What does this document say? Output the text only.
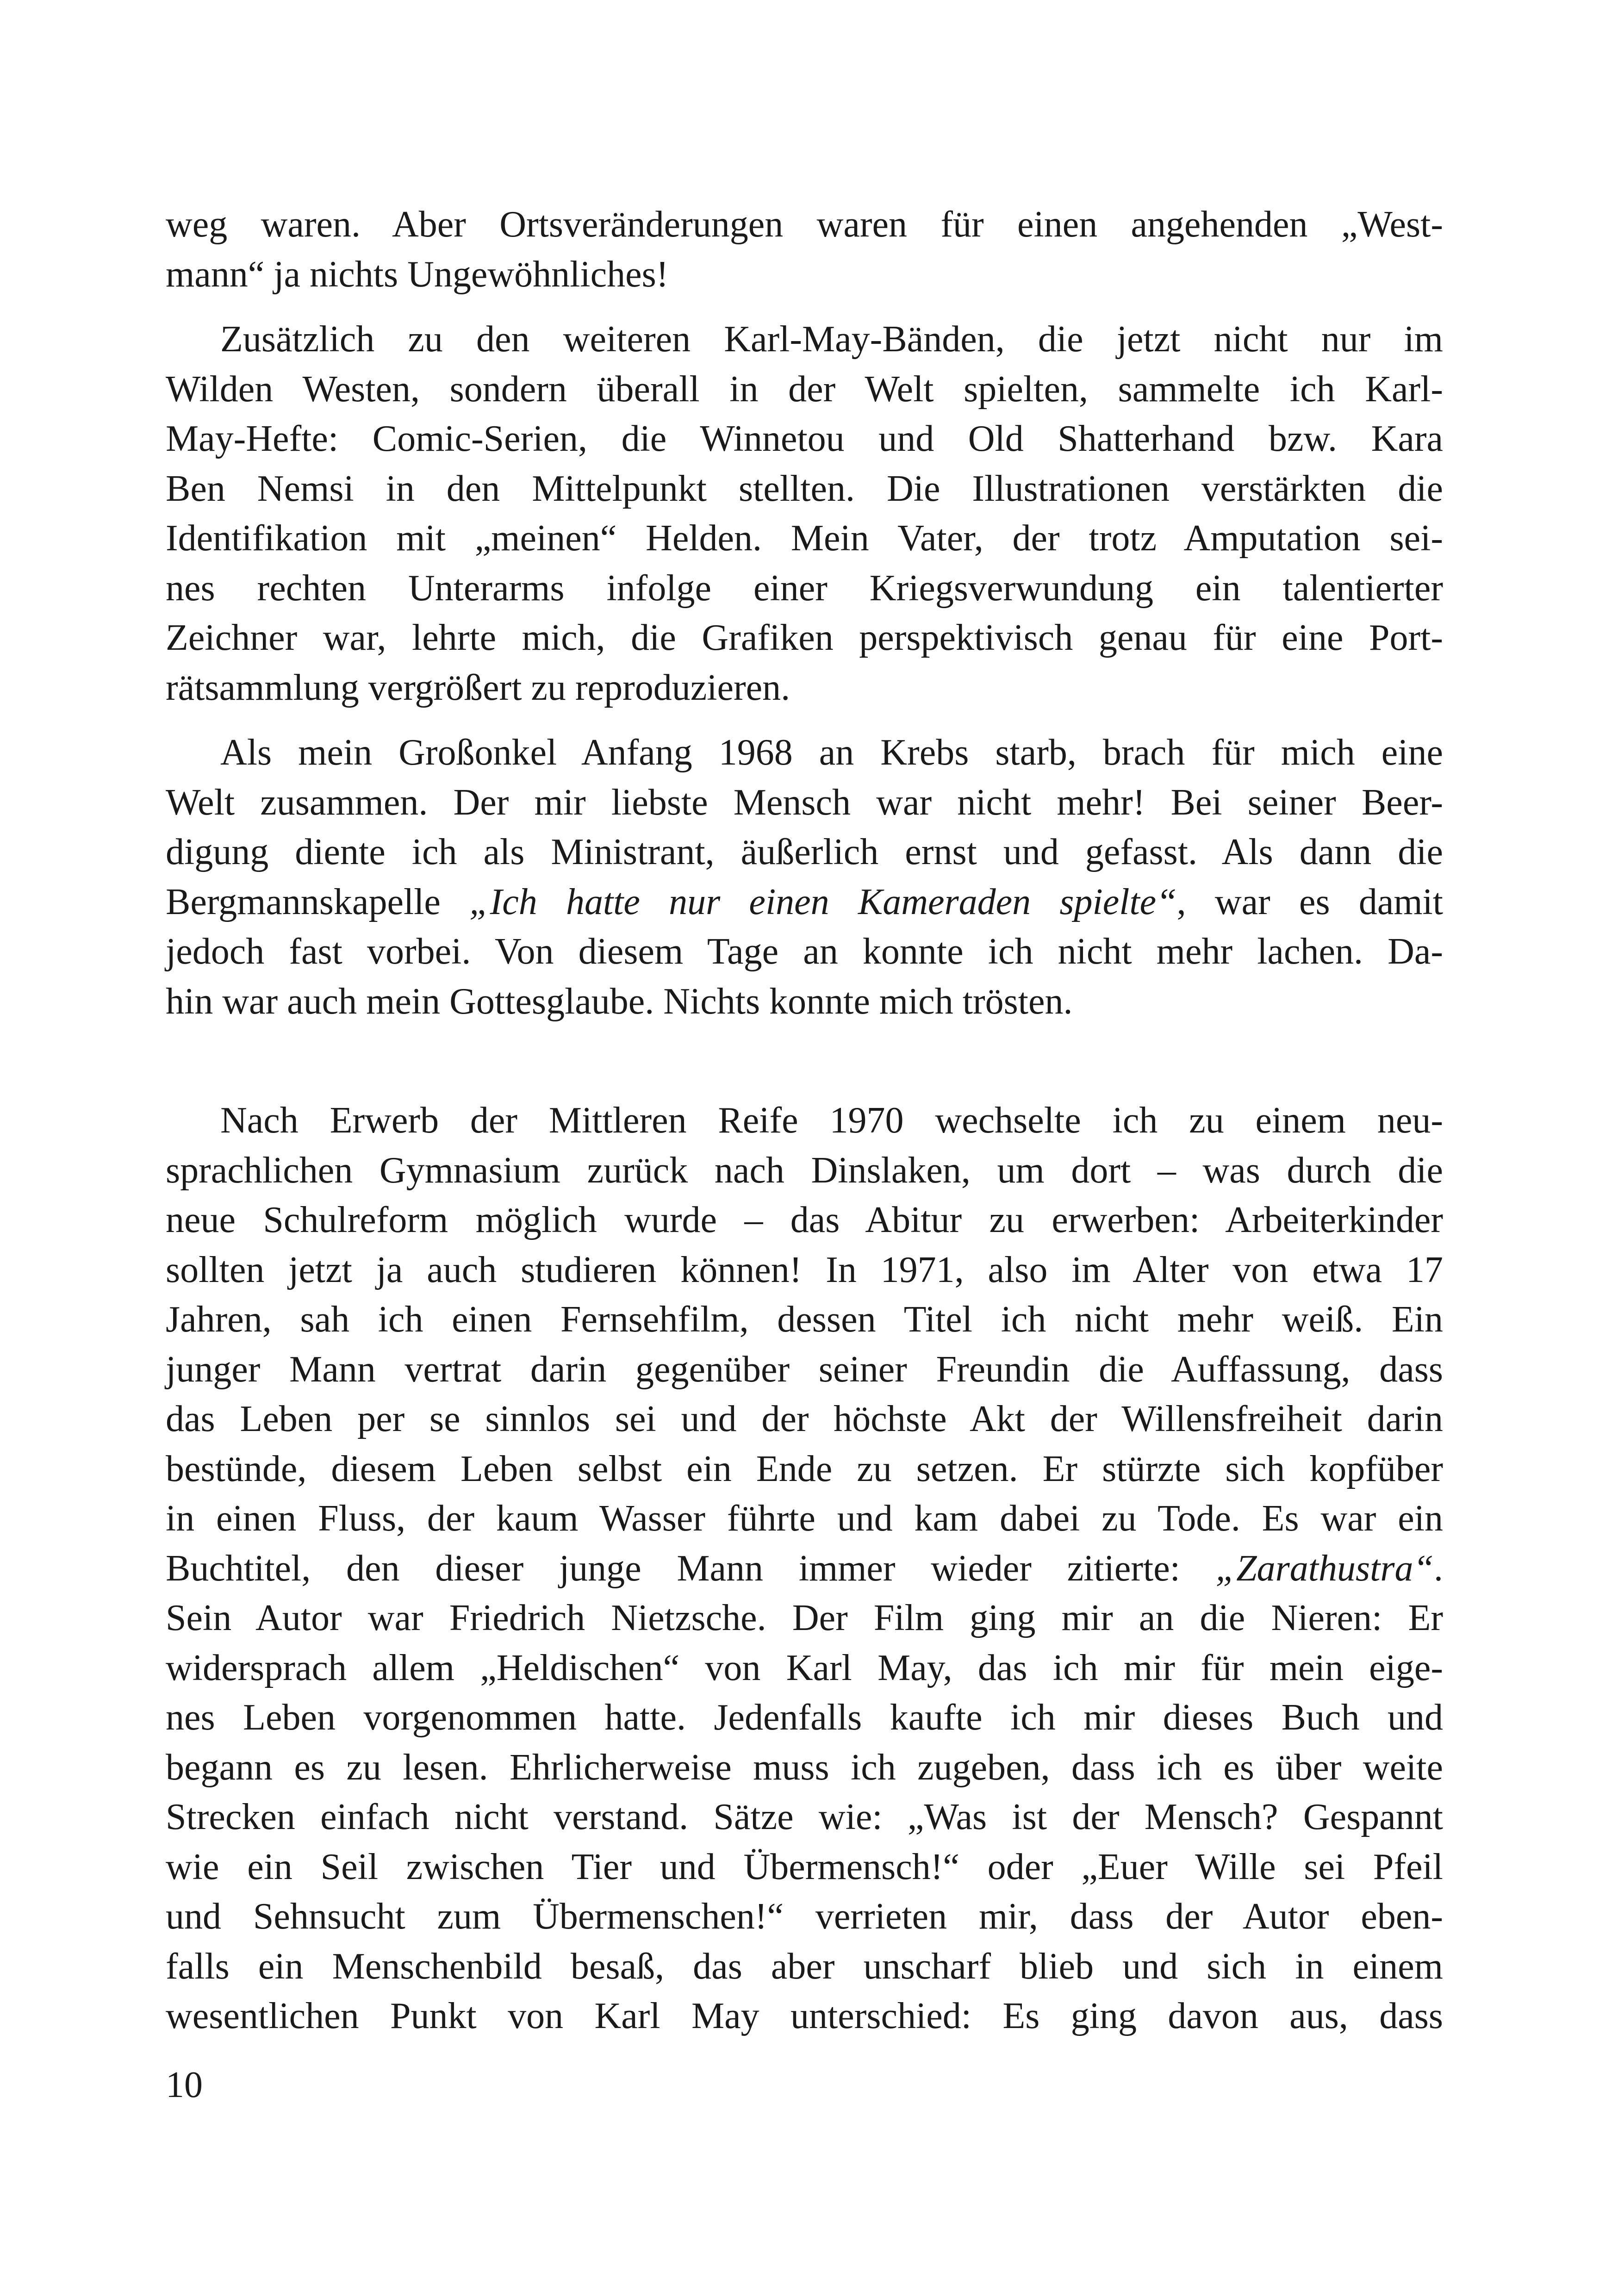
weg waren. Aber Ortsveränderungen waren für einen angehenden „West-
mann“ ja nichts Ungewöhnliches!
Zusätzlich zu den weiteren Karl-May-Bänden, die jetzt nicht nur im
Wilden Westen, sondern überall in der Welt spielten, sammelte ich Karl-
May-Hefte: Comic-Serien, die Winnetou und Old Shatterhand bzw. Kara
Ben Nemsi in den Mittelpunkt stellten. Die Illustrationen verstärkten die
Identifikation mit „meinen“ Helden. Mein Vater, der trotz Amputation sei-
nes rechten Unterarms infolge einer Kriegsverwundung ein talentierter
Zeichner war, lehrte mich, die Grafiken perspektivisch genau für eine Port-
rätsammlung vergrößert zu reproduzieren.
Als mein Großonkel Anfang 1968 an Krebs starb, brach für mich eine
Welt zusammen. Der mir liebste Mensch war nicht mehr! Bei seiner Beer-
digung diente ich als Ministrant, äußerlich ernst und gefasst. Als dann die
Bergmannskapelle „Ich hatte nur einen Kameraden spielte“, war es damit
jedoch fast vorbei. Von diesem Tage an konnte ich nicht mehr lachen. Da-
hin war auch mein Gottesglaube. Nichts konnte mich trösten.
Nach Erwerb der Mittleren Reife 1970 wechselte ich zu einem neu-
sprachlichen Gymnasium zurück nach Dinslaken, um dort – was durch die
neue Schulreform möglich wurde – das Abitur zu erwerben: Arbeiterkinder
sollten jetzt ja auch studieren können! In 1971, also im Alter von etwa 17
Jahren, sah ich einen Fernsehfilm, dessen Titel ich nicht mehr weiß. Ein
junger Mann vertrat darin gegenüber seiner Freundin die Auffassung, dass
das Leben per se sinnlos sei und der höchste Akt der Willensfreiheit darin
bestünde, diesem Leben selbst ein Ende zu setzen. Er stürzte sich kopfüber
in einen Fluss, der kaum Wasser führte und kam dabei zu Tode. Es war ein
Buchtitel, den dieser junge Mann immer wieder zitierte: „Zarathustra“.
Sein Autor war Friedrich Nietzsche. Der Film ging mir an die Nieren: Er
widersprach allem „Heldischen“ von Karl May, das ich mir für mein eige-
nes Leben vorgenommen hatte. Jedenfalls kaufte ich mir dieses Buch und
begann es zu lesen. Ehrlicherweise muss ich zugeben, dass ich es über weite
Strecken einfach nicht verstand. Sätze wie: „Was ist der Mensch? Gespannt
wie ein Seil zwischen Tier und Übermensch!“ oder „Euer Wille sei Pfeil
und Sehnsucht zum Übermenschen!“ verrieten mir, dass der Autor eben-
falls ein Menschenbild besaß, das aber unscharf blieb und sich in einem
wesentlichen Punkt von Karl May unterschied: Es ging davon aus, dass
10
